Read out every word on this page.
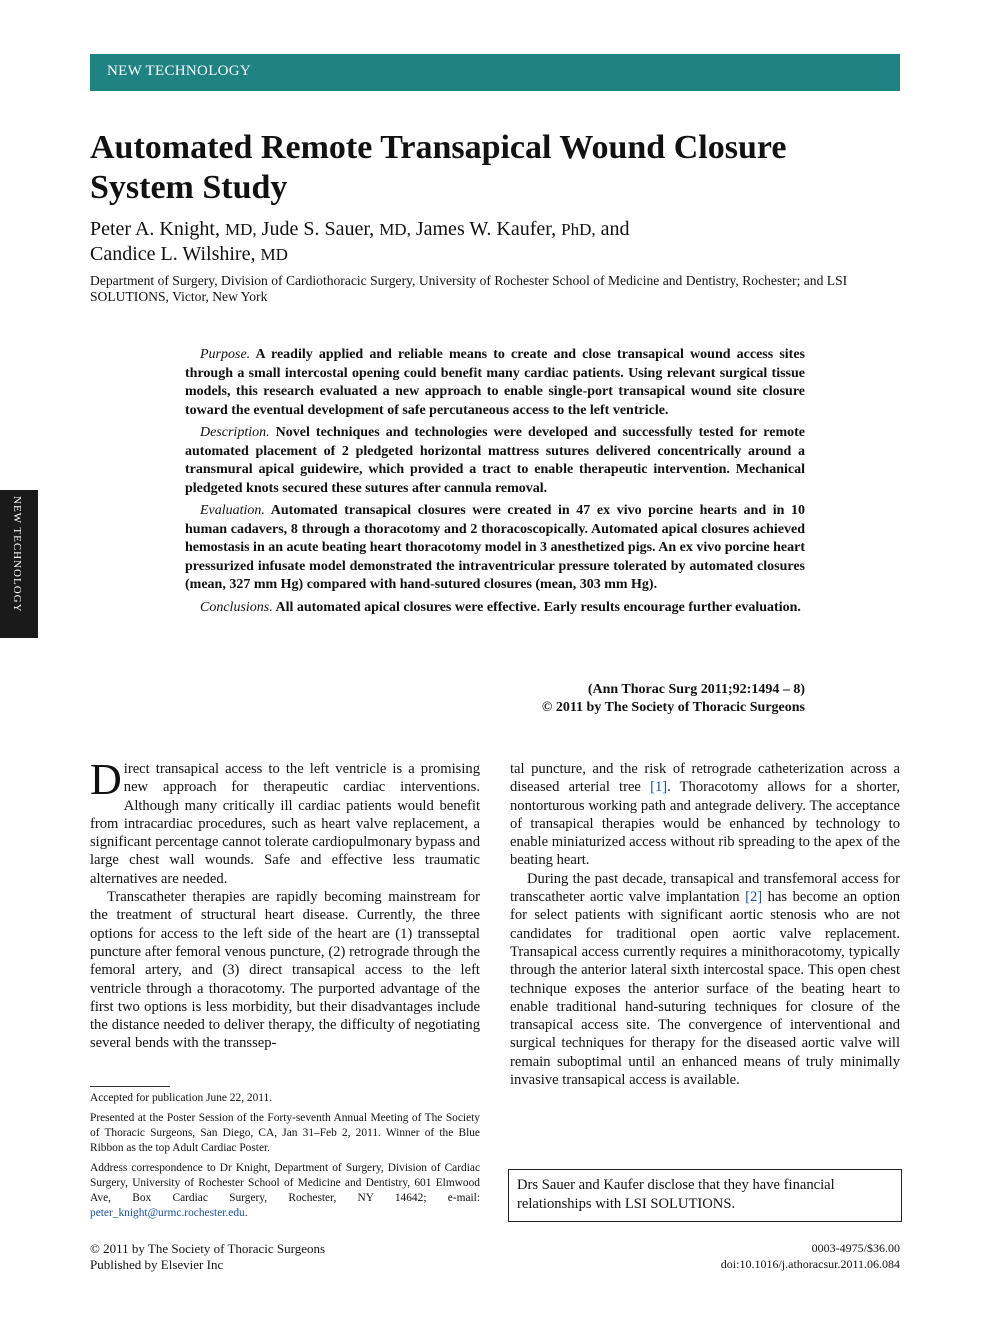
NEW TECHNOLOGY
NEW TECHNOLOGY
Automated Remote Transapical Wound Closure System Study
Peter A. Knight, MD, Jude S. Sauer, MD, James W. Kaufer, PhD, and
Candice L. Wilshire, MD
Department of Surgery, Division of Cardiothoracic Surgery, University of Rochester School of Medicine and Dentistry, Rochester; and LSI SOLUTIONS, Victor, New York

Purpose. A readily applied and reliable means to create and close transapical wound access sites through a small intercostal opening could benefit many cardiac patients. Using relevant surgical tissue models, this research evaluated a new approach to enable single-port transapical wound site closure toward the eventual development of safe percutaneous access to the left ventricle.

Description. Novel techniques and technologies were developed and successfully tested for remote automated placement of 2 pledgeted horizontal mattress sutures delivered concentrically around a transmural apical guidewire, which provided a tract to enable therapeutic intervention. Mechanical pledgeted knots secured these sutures after cannula removal.

Evaluation. Automated transapical closures were created in 47 ex vivo porcine hearts and in 10 human cadavers, 8 through a thoracotomy and 2 thoracoscopically. Automated apical closures achieved hemostasis in an acute beating heart thoracotomy model in 3 anesthetized pigs. An ex vivo porcine heart pressurized infusate model demonstrated the intraventricular pressure tolerated by automated closures (mean, 327 mm Hg) compared with hand-sutured closures (mean, 303 mm Hg).

Conclusions. All automated apical closures were effective. Early results encourage further evaluation.

(Ann Thorac Surg 2011;92:1494 – 8)
© 2011 by The Society of Thoracic Surgeons

Direct transapical access to the left ventricle is a promising new approach for therapeutic cardiac interventions. Although many critically ill cardiac patients would benefit from intracardiac procedures, such as heart valve replacement, a significant percentage cannot tolerate cardiopulmonary bypass and large chest wall wounds. Safe and effective less traumatic alternatives are needed.

Transcatheter therapies are rapidly becoming mainstream for the treatment of structural heart disease. Currently, the three options for access to the left side of the heart are (1) transseptal puncture after femoral venous puncture, (2) retrograde through the femoral artery, and (3) direct transapical access to the left ventricle through a thoracotomy. The purported advantage of the first two options is less morbidity, but their disadvantages include the distance needed to deliver therapy, the difficulty of negotiating several bends with the transsep-

tal puncture, and the risk of retrograde catheterization across a diseased arterial tree [1]. Thoracotomy allows for a shorter, nontorturous working path and antegrade delivery. The acceptance of transapical therapies would be enhanced by technology to enable miniaturized access without rib spreading to the apex of the beating heart.

During the past decade, transapical and transfemoral access for transcatheter aortic valve implantation [2] has become an option for select patients with significant aortic stenosis who are not candidates for traditional open aortic valve replacement. Transapical access currently requires a minithoracotomy, typically through the anterior lateral sixth intercostal space. This open chest technique exposes the anterior surface of the beating heart to enable traditional hand-suturing techniques for closure of the transapical access site. The convergence of interventional and surgical techniques for therapy for the diseased aortic valve will remain suboptimal until an enhanced means of truly minimally invasive transapical access is available.

Accepted for publication June 22, 2011.

Presented at the Poster Session of the Forty-seventh Annual Meeting of The Society of Thoracic Surgeons, San Diego, CA, Jan 31–Feb 2, 2011. Winner of the Blue Ribbon as the top Adult Cardiac Poster.

Address correspondence to Dr Knight, Department of Surgery, Division of Cardiac Surgery, University of Rochester School of Medicine and Dentistry, 601 Elmwood Ave, Box Cardiac Surgery, Rochester, NY 14642; e-mail: peter_knight@urmc.rochester.edu.

Drs Sauer and Kaufer disclose that they have financial relationships with LSI SOLUTIONS.
© 2011 by The Society of Thoracic Surgeons
Published by Elsevier Inc
0003-4975/$36.00
doi:10.1016/j.athoracsur.2011.06.084
